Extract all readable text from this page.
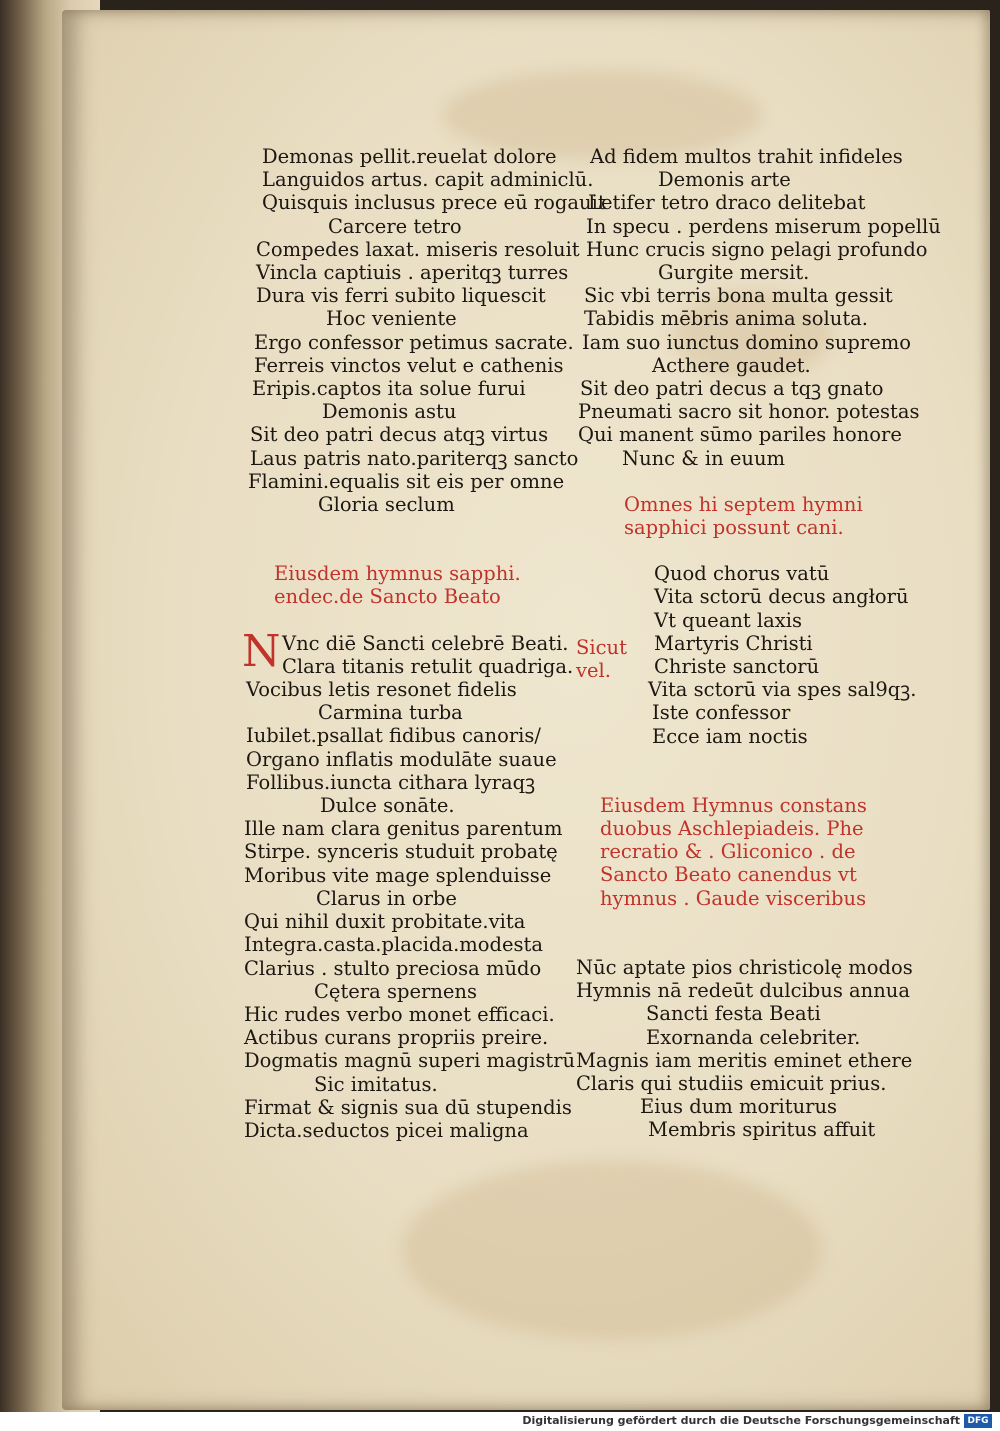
Demonas pellit.reuelat dolore
Languidos artus. capit adminiclū.
Quisquis inclusus prece eū rogauit
Carcere tetro
Compedes laxat. miseris resoluit
Vincla captiuis . aperitqꝫ turres
Dura vis ferri subito liquescit
Hoc veniente
Ergo confessor petimus sacrate.
Ferreis vinctos velut e cathenis
Eripis.captos ita solue furui
Demonis astu
Sit deo patri decus atqꝫ virtus
Laus patris nato.pariterqꝫ sancto
Flamini.equalis sit eis per omne
Gloria seclum
Eiusdem hymnus sapphi.
endec.de Sancto Beato
N Vnc diē Sancti celebrē Beati.
Clara titanis retulit quadriga.
Vocibus letis resonet fidelis
Carmina turba
Iubilet.psallat fidibus canoris/
Organo inflatis modulāte suaue
Follibus.iuncta cithara lyraqꝫ
Dulce sonāte.
Ille nam clara genitus parentum
Stirpe. synceris studuit probatę
Moribus vite mage splenduisse
Clarus in orbe
Qui nihil duxit probitate.vita
Integra.casta.placida.modesta
Clarius . stulto preciosa mūdo
Cętera spernens
Hic rudes verbo monet efficaci.
Actibus curans propriis preire.
Dogmatis magnū superi magistrū
Sic imitatus.
Firmat & signis sua dū stupendis
Dicta.seductos picei maligna
Ad fidem multos trahit infideles
Demonis arte
Letifer tetro draco delitebat
In specu . perdens miserum popellū
Hunc crucis signo pelagi profundo
Gurgite mersit.
Sic vbi terris bona multa gessit
Tabidis mēbris anima soluta.
Iam suo iunctus domino supremo
Acthere gaudet.
Sit deo patri decus a tqꝫ gnato
Pneumati sacro sit honor. potestas
Qui manent sūmo pariles honore
Nunc & in euum
Omnes hi septem hymni
sapphici possunt cani.
Quod chorus vatū
Vita sctorū decus angłorū
Vt queant laxis
Martyris Christi
Christe sanctorū
Vita sctorū via spes sal9qꝫ.
Iste confessor
Ecce iam noctis
Eiusdem Hymnus constans
duobus Aschlepiadeis. Phe
recratio & . Gliconico . de
Sancto Beato canendus vt
hymnus . Gaude visceribus
Nūc aptate pios christicolę modos
Hymnis nā redeūt dulcibus annua
Sancti festa Beati
Exornanda celebriter.
Magnis iam meritis eminet ethere
Claris qui studiis emicuit prius.
Eius dum moriturus
Membris spiritus affuit
Sicut
vel.
Digitalisierung gefördert durch die Deutsche Forschungsgemeinschaft DFG
